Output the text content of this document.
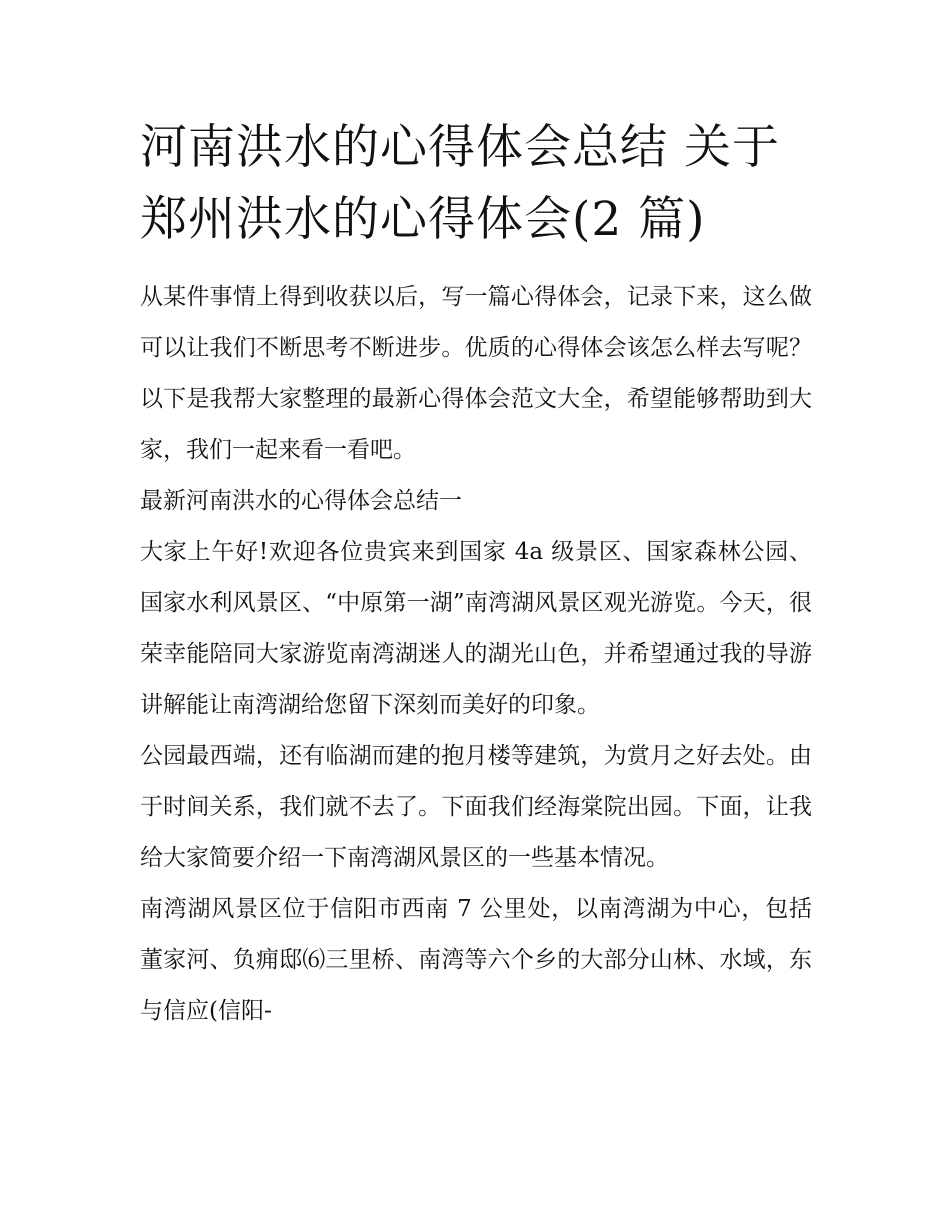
河南洪水的心得体会总结 关于郑州洪水的心得体会(2 篇)

从某件事情上得到收获以后，写一篇心得体会，记录下来，这么做可以让我们不断思考不断进步。优质的心得体会该怎么样去写呢？以下是我帮大家整理的最新心得体会范文大全，希望能够帮助到大家，我们一起来看一看吧。

最新河南洪水的心得体会总结一

大家上午好!欢迎各位贵宾来到国家 4a 级景区、国家森林公园、国家水利风景区、“中原第一湖”南湾湖风景区观光游览。今天，很荣幸能陪同大家游览南湾湖迷人的湖光山色，并希望通过我的导游讲解能让南湾湖给您留下深刻而美好的印象。

公园最西端，还有临湖而建的抱月楼等建筑，为赏月之好去处。由于时间关系，我们就不去了。下面我们经海棠院出园。下面，让我给大家简要介绍一下南湾湖风景区的一些基本情况。

南湾湖风景区位于信阳市西南 7 公里处，以南湾湖为中心，包括董家河、负痈邸⑹三里桥、南湾等六个乡的大部分山林、水域，东与信应(信阳-
